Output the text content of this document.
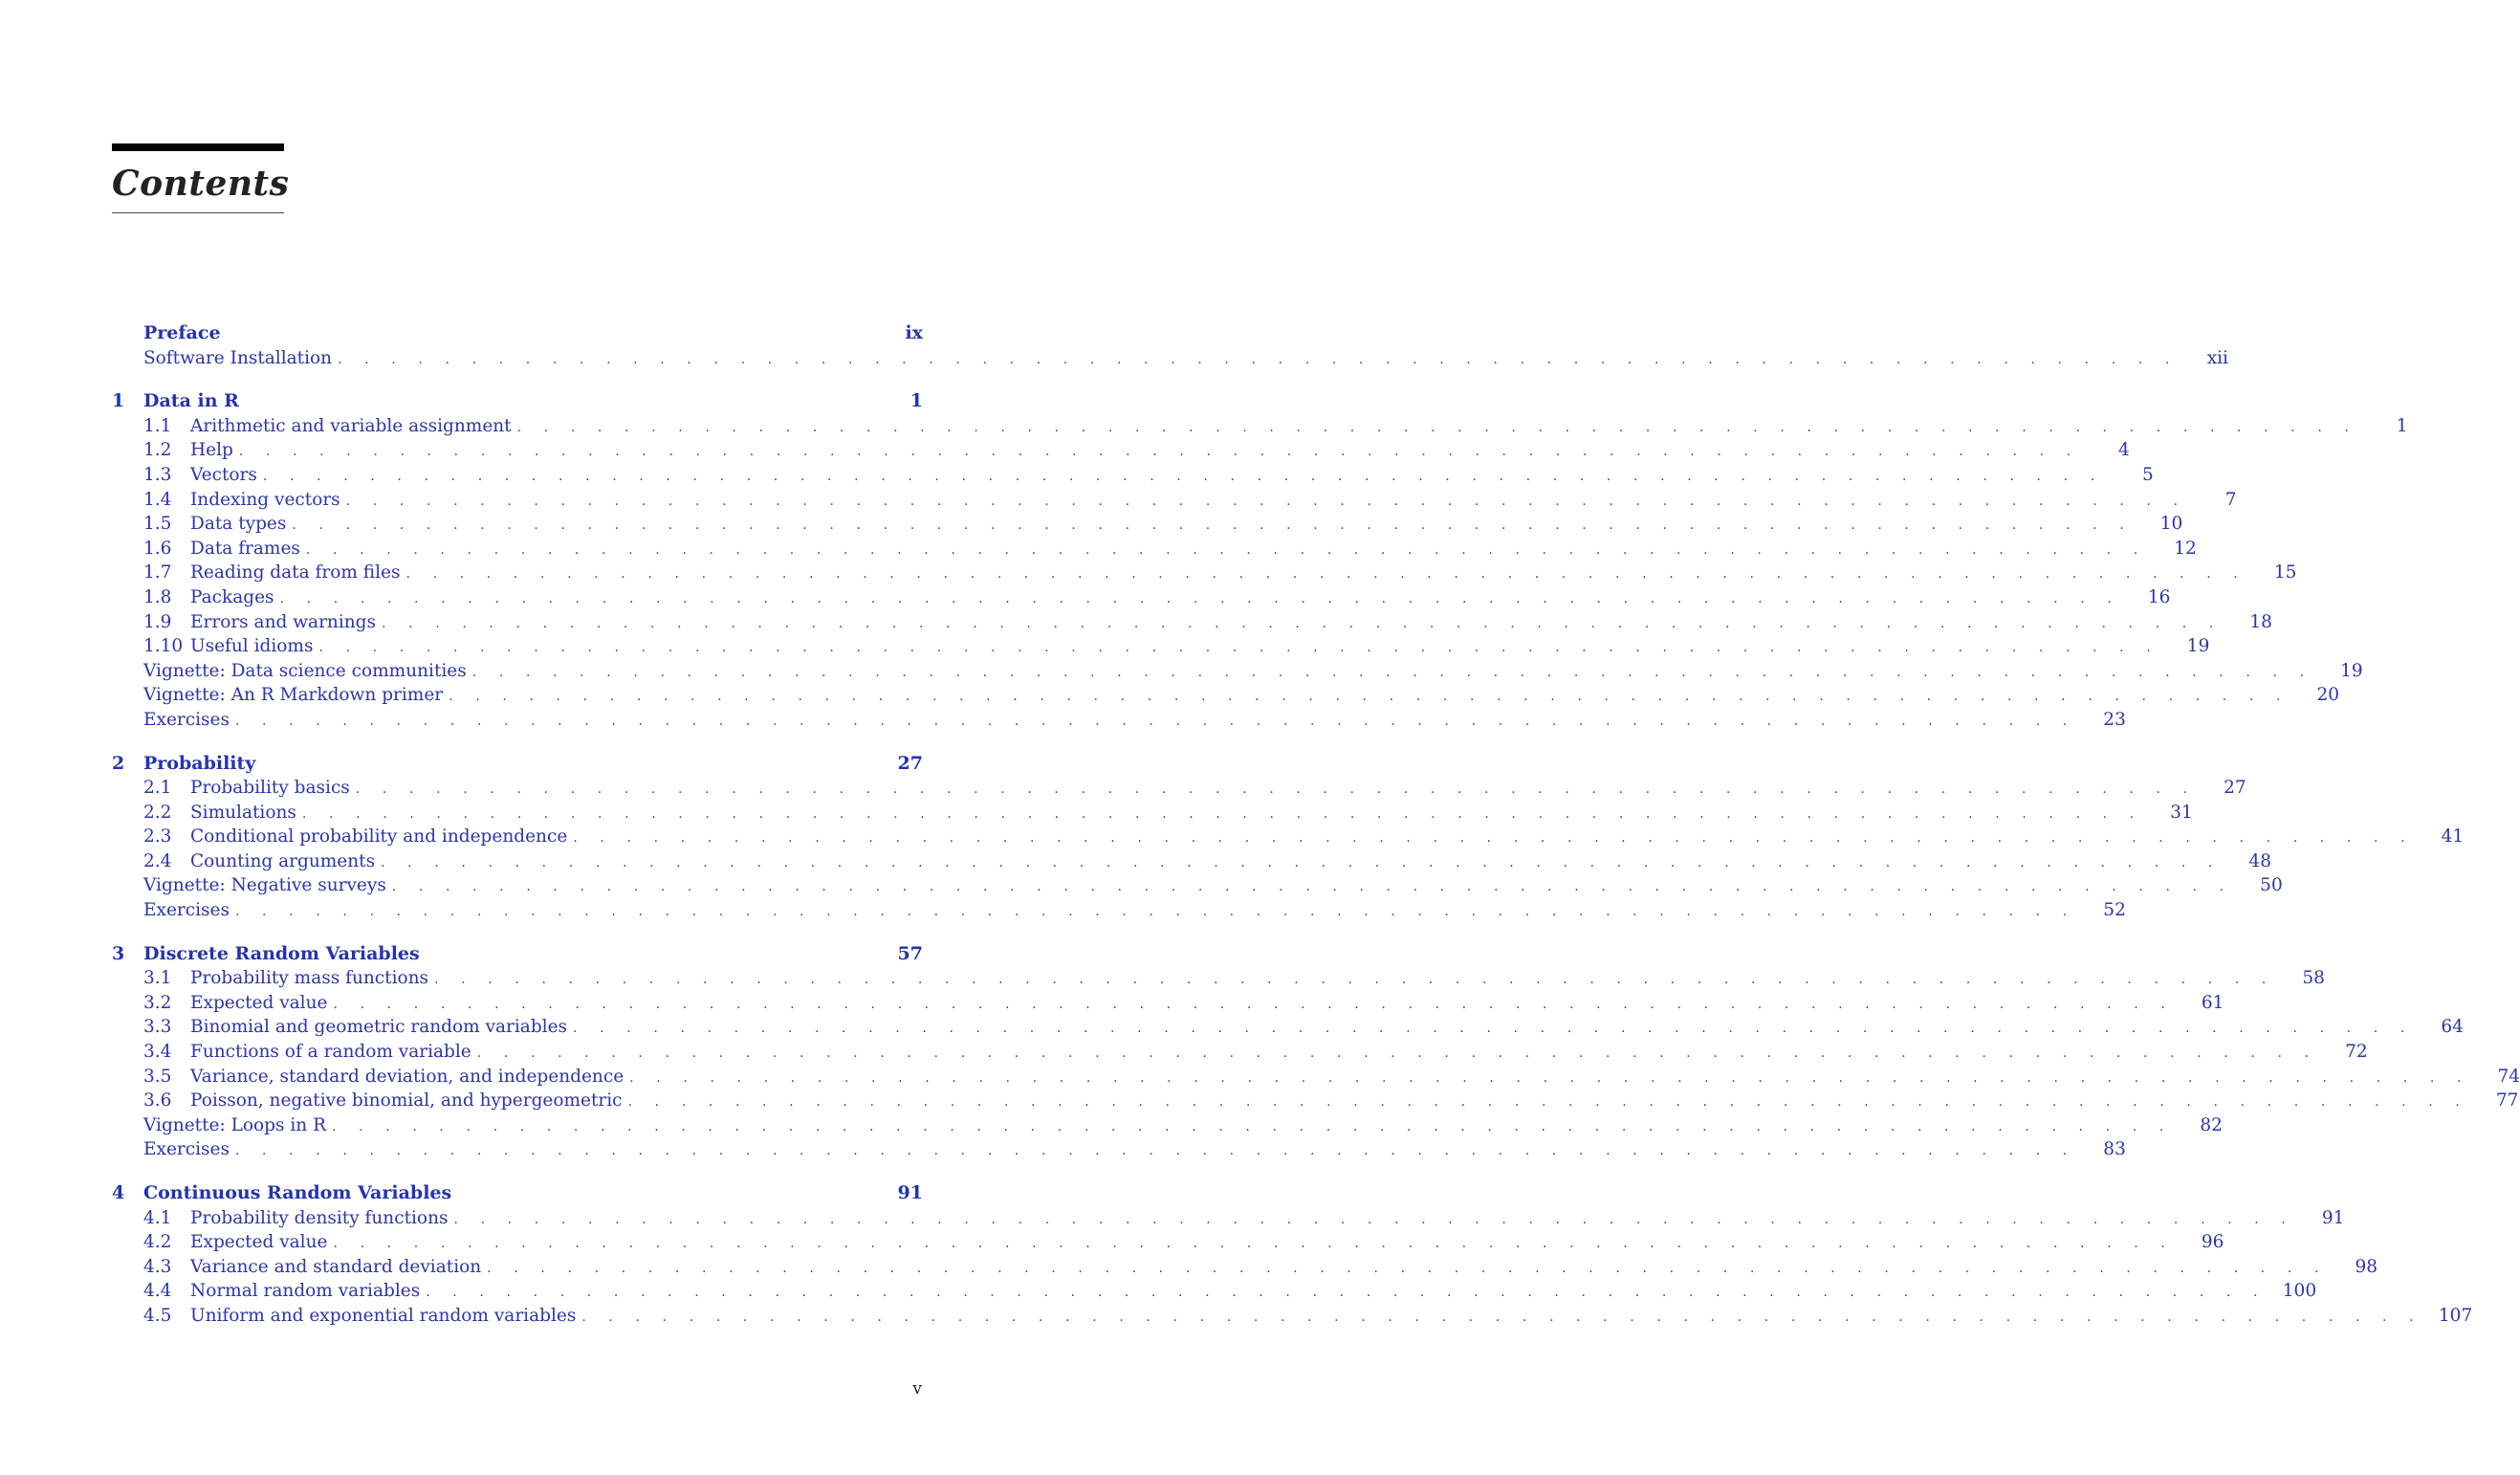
Contents
Preface	ix
Software Installation . . . . . . . . . . . . . . . . . . . . . . . . . . . . . . . . . . . . . . . . . . . . . . . . . . . . . . . . . . . . . . . . . . . . .	xii
1	Data in R	1
1.1	Arithmetic and variable assignment . . . . . . . . . . . . . . . . . . . . . . . . . . . . . . . . . . . . . . . . . . . . . . . . . . . . . . . . . . . . . . . . . . . . .	1
1.2	Help . . . . . . . . . . . . . . . . . . . . . . . . . . . . . . . . . . . . . . . . . . . . . . . . . . . . . . . . . . . . . . . . . . . . .	4
1.3	Vectors . . . . . . . . . . . . . . . . . . . . . . . . . . . . . . . . . . . . . . . . . . . . . . . . . . . . . . . . . . . . . . . . . . . . .	5
1.4	Indexing vectors . . . . . . . . . . . . . . . . . . . . . . . . . . . . . . . . . . . . . . . . . . . . . . . . . . . . . . . . . . . . . . . . . . . . .	7
1.5	Data types . . . . . . . . . . . . . . . . . . . . . . . . . . . . . . . . . . . . . . . . . . . . . . . . . . . . . . . . . . . . . . . . . . . . .	10
1.6	Data frames . . . . . . . . . . . . . . . . . . . . . . . . . . . . . . . . . . . . . . . . . . . . . . . . . . . . . . . . . . . . . . . . . . . . .	12
1.7	Reading data from files . . . . . . . . . . . . . . . . . . . . . . . . . . . . . . . . . . . . . . . . . . . . . . . . . . . . . . . . . . . . . . . . . . . . .	15
1.8	Packages . . . . . . . . . . . . . . . . . . . . . . . . . . . . . . . . . . . . . . . . . . . . . . . . . . . . . . . . . . . . . . . . . . . . .	16
1.9	Errors and warnings . . . . . . . . . . . . . . . . . . . . . . . . . . . . . . . . . . . . . . . . . . . . . . . . . . . . . . . . . . . . . . . . . . . . .	18
1.10 Useful idioms . . . . . . . . . . . . . . . . . . . . . . . . . . . . . . . . . . . . . . . . . . . . . . . . . . . . . . . . . . . . . . . . . . . . .	19
Vignette: Data science communities . . . . . . . . . . . . . . . . . . . . . . . . . . . . . . . . . . . . . . . . . . . . . . . . . . . . . . . . . . . . . . . . . . . . .	19
Vignette: An R Markdown primer . . . . . . . . . . . . . . . . . . . . . . . . . . . . . . . . . . . . . . . . . . . . . . . . . . . . . . . . . . . . . . . . . . . . .	20
Exercises . . . . . . . . . . . . . . . . . . . . . . . . . . . . . . . . . . . . . . . . . . . . . . . . . . . . . . . . . . . . . . . . . . . . .	23
2	Probability	27
2.1	Probability basics . . . . . . . . . . . . . . . . . . . . . . . . . . . . . . . . . . . . . . . . . . . . . . . . . . . . . . . . . . . . . . . . . . . . .	27
2.2	Simulations . . . . . . . . . . . . . . . . . . . . . . . . . . . . . . . . . . . . . . . . . . . . . . . . . . . . . . . . . . . . . . . . . . . . .	31
2.3	Conditional probability and independence . . . . . . . . . . . . . . . . . . . . . . . . . . . . . . . . . . . . . . . . . . . . . . . . . . . . . . . . . . . . . . . . . . . . .	41
2.4	Counting arguments . . . . . . . . . . . . . . . . . . . . . . . . . . . . . . . . . . . . . . . . . . . . . . . . . . . . . . . . . . . . . . . . . . . . .	48
Vignette: Negative surveys . . . . . . . . . . . . . . . . . . . . . . . . . . . . . . . . . . . . . . . . . . . . . . . . . . . . . . . . . . . . . . . . . . . . .	50
Exercises . . . . . . . . . . . . . . . . . . . . . . . . . . . . . . . . . . . . . . . . . . . . . . . . . . . . . . . . . . . . . . . . . . . . .	52
3	Discrete Random Variables	57
3.1	Probability mass functions . . . . . . . . . . . . . . . . . . . . . . . . . . . . . . . . . . . . . . . . . . . . . . . . . . . . . . . . . . . . . . . . . . . . .	58
3.2	Expected value . . . . . . . . . . . . . . . . . . . . . . . . . . . . . . . . . . . . . . . . . . . . . . . . . . . . . . . . . . . . . . . . . . . . .	61
3.3	Binomial and geometric random variables . . . . . . . . . . . . . . . . . . . . . . . . . . . . . . . . . . . . . . . . . . . . . . . . . . . . . . . . . . . . . . . . . . . . .	64
3.4	Functions of a random variable . . . . . . . . . . . . . . . . . . . . . . . . . . . . . . . . . . . . . . . . . . . . . . . . . . . . . . . . . . . . . . . . . . . . .	72
3.5	Variance, standard deviation, and independence . . . . . . . . . . . . . . . . . . . . . . . . . . . . . . . . . . . . . . . . . . . . . . . . . . . . . . . . . . . . . . . . . . . . .	74
3.6	Poisson, negative binomial, and hypergeometric . . . . . . . . . . . . . . . . . . . . . . . . . . . . . . . . . . . . . . . . . . . . . . . . . . . . . . . . . . . . . . . . . . . . .	77
Vignette: Loops in R . . . . . . . . . . . . . . . . . . . . . . . . . . . . . . . . . . . . . . . . . . . . . . . . . . . . . . . . . . . . . . . . . . . . .	82
Exercises . . . . . . . . . . . . . . . . . . . . . . . . . . . . . . . . . . . . . . . . . . . . . . . . . . . . . . . . . . . . . . . . . . . . .	83
4	Continuous Random Variables	91
4.1	Probability density functions . . . . . . . . . . . . . . . . . . . . . . . . . . . . . . . . . . . . . . . . . . . . . . . . . . . . . . . . . . . . . . . . . . . . .	91
4.2	Expected value . . . . . . . . . . . . . . . . . . . . . . . . . . . . . . . . . . . . . . . . . . . . . . . . . . . . . . . . . . . . . . . . . . . . .	96
4.3	Variance and standard deviation . . . . . . . . . . . . . . . . . . . . . . . . . . . . . . . . . . . . . . . . . . . . . . . . . . . . . . . . . . . . . . . . . . . . .	98
4.4	Normal random variables . . . . . . . . . . . . . . . . . . . . . . . . . . . . . . . . . . . . . . . . . . . . . . . . . . . . . . . . . . . . . . . . . . . . . 100
4.5	Uniform and exponential random variables . . . . . . . . . . . . . . . . . . . . . . . . . . . . . . . . . . . . . . . . . . . . . . . . . . . . . . . . . . . . . . . . . . . . . 107
v
